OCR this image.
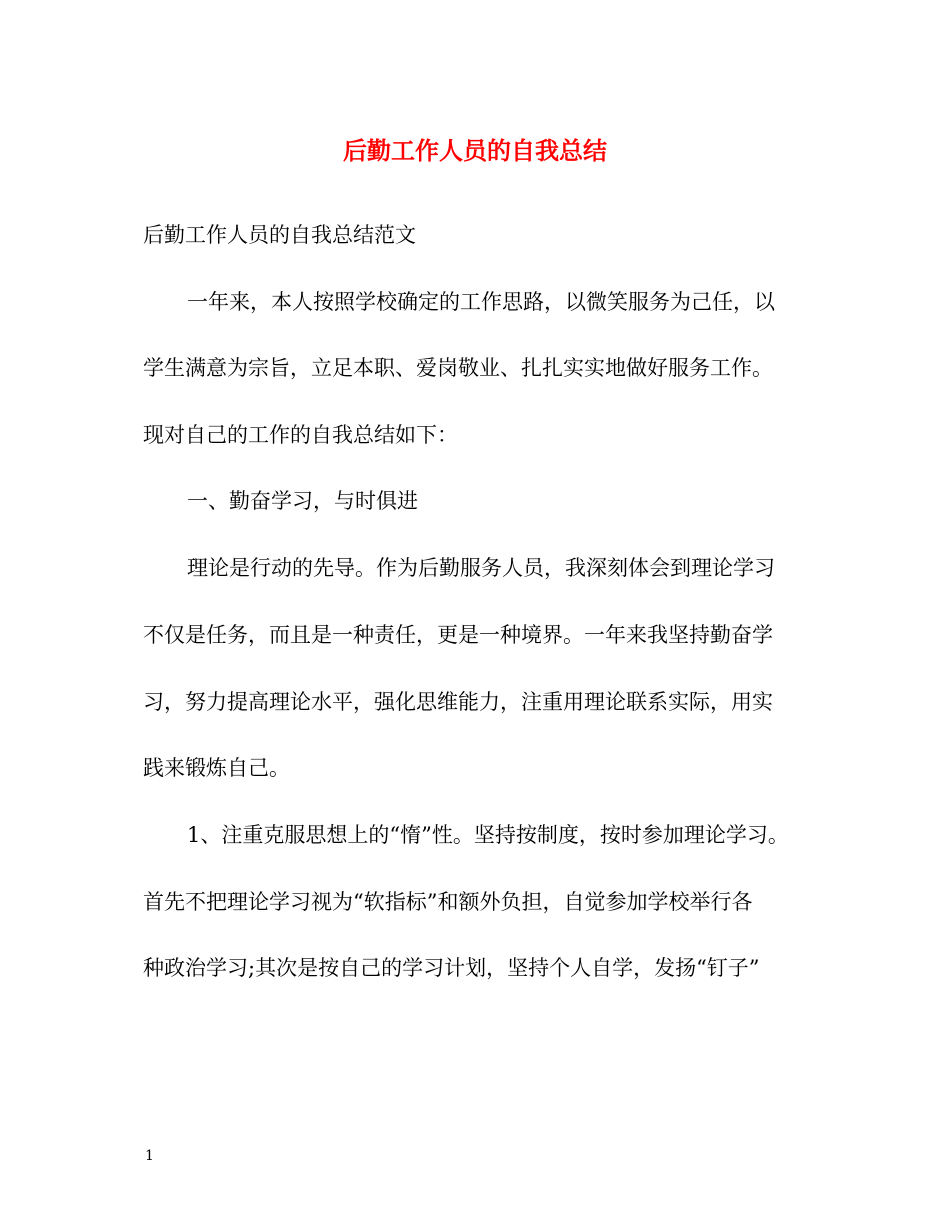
后勤工作人员的自我总结
后勤工作人员的自我总结范文
一年来，本人按照学校确定的工作思路，以微笑服务为己任，以
学生满意为宗旨，立足本职、爱岗敬业、扎扎实实地做好服务工作。
现对自己的工作的自我总结如下：
一、勤奋学习，与时俱进
理论是行动的先导。作为后勤服务人员，我深刻体会到理论学习
不仅是任务，而且是一种责任，更是一种境界。一年来我坚持勤奋学
习，努力提高理论水平，强化思维能力，注重用理论联系实际，用实
践来锻炼自己。
1、注重克服思想上的“惰”性。坚持按制度，按时参加理论学习。
首先不把理论学习视为“软指标”和额外负担，自觉参加学校举行各
种政治学习;其次是按自己的学习计划，坚持个人自学，发扬“钉子”
1
